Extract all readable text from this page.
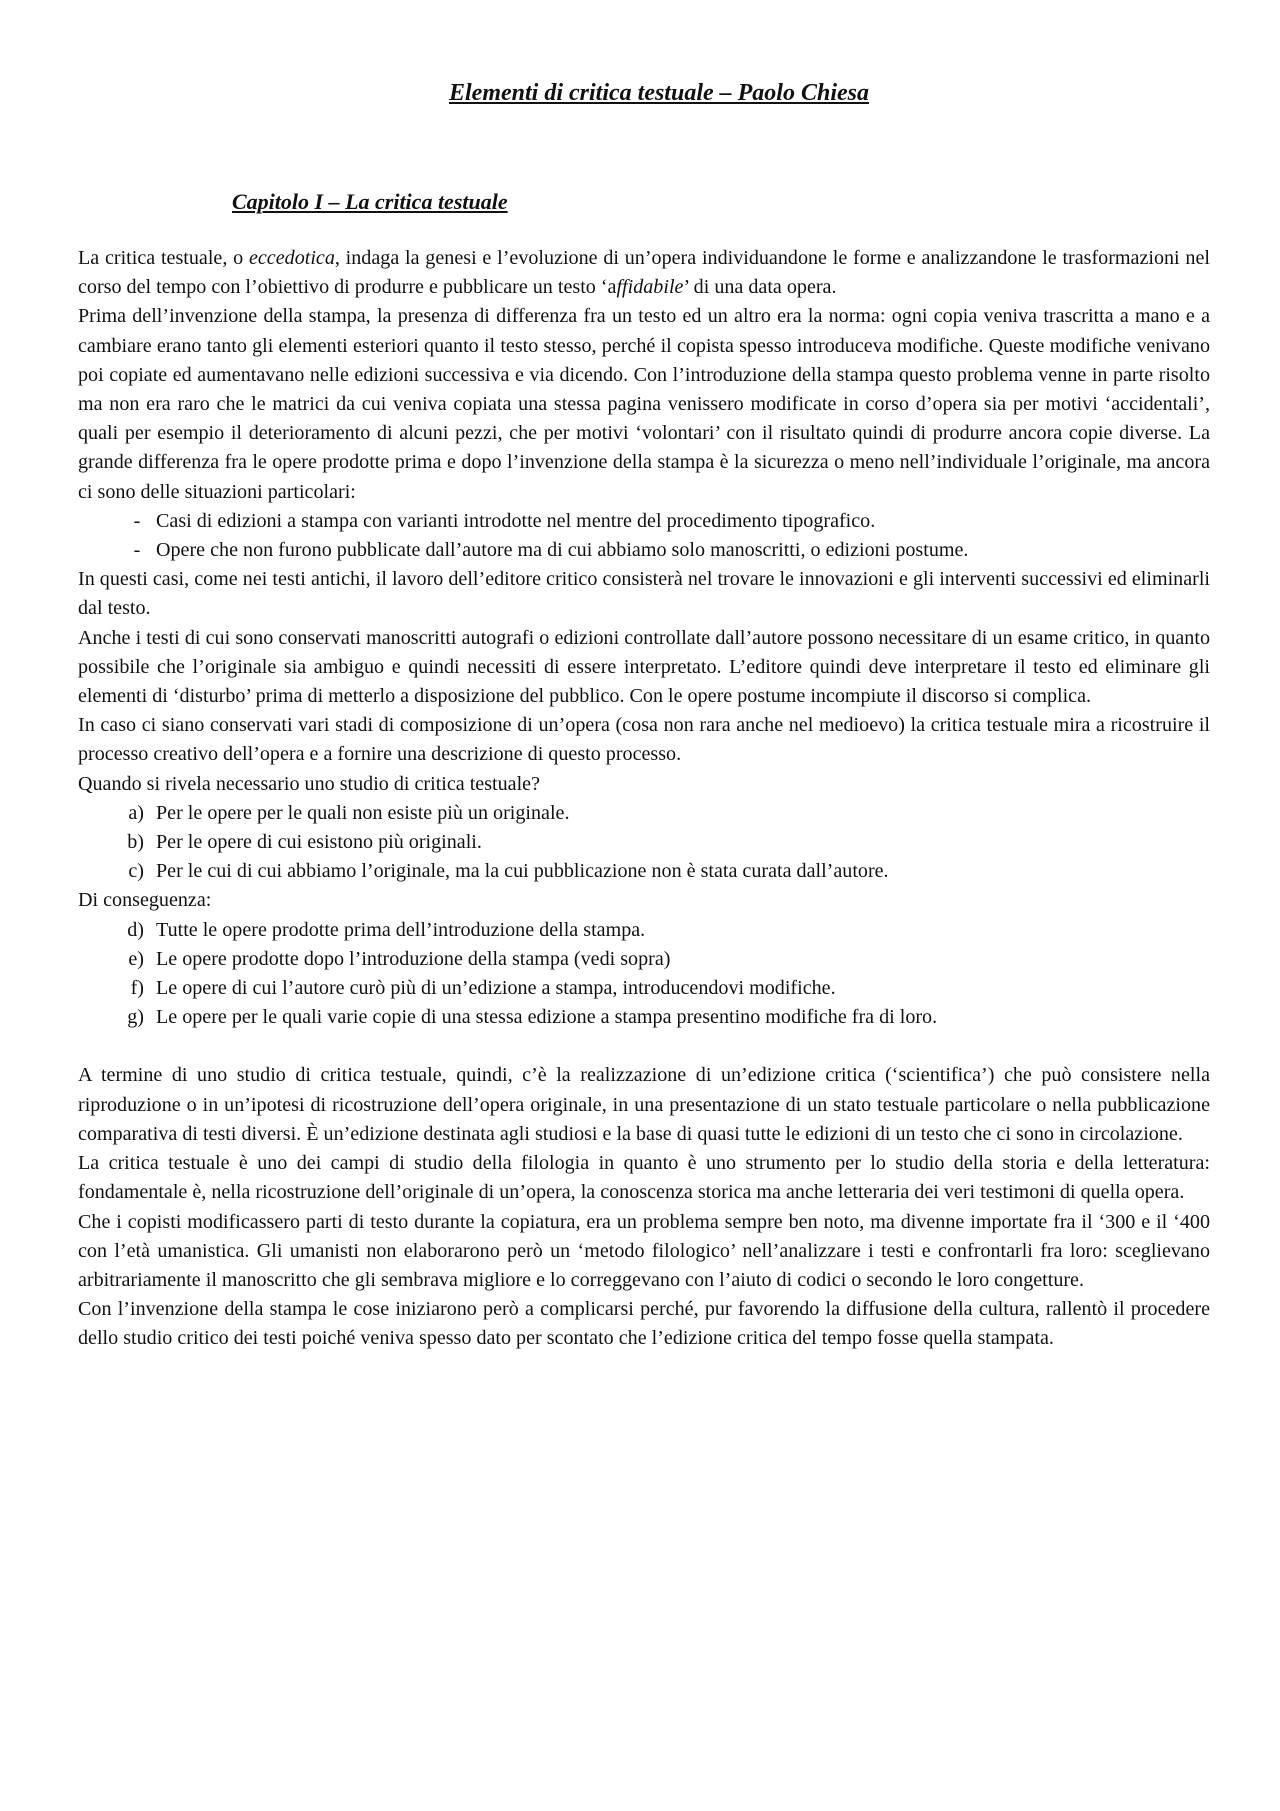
Elementi di critica testuale – Paolo Chiesa
Capitolo I – La critica testuale

La critica testuale, o eccedotica, indaga la genesi e l’evoluzione di un’opera individuandone le forme e analizzandone le trasformazioni nel corso del tempo con l’obiettivo di produrre e pubblicare un testo ‘affidabile’ di una data opera.

Prima dell’invenzione della stampa, la presenza di differenza fra un testo ed un altro era la norma: ogni copia veniva trascritta a mano e a cambiare erano tanto gli elementi esteriori quanto il testo stesso, perché il copista spesso introduceva modifiche. Queste modifiche venivano poi copiate ed aumentavano nelle edizioni successiva e via dicendo. Con l’introduzione della stampa questo problema venne in parte risolto ma non era raro che le matrici da cui veniva copiata una stessa pagina venissero modificate in corso d’opera sia per motivi ‘accidentali’, quali per esempio il deterioramento di alcuni pezzi, che per motivi ‘volontari’ con il risultato quindi di produrre ancora copie diverse. La grande differenza fra le opere prodotte prima e dopo l’invenzione della stampa è la sicurezza o meno nell’individuale l’originale, ma ancora ci sono delle situazioni particolari:

- Casi di edizioni a stampa con varianti introdotte nel mentre del procedimento tipografico.
- Opere che non furono pubblicate dall’autore ma di cui abbiamo solo manoscritti, o edizioni postume.

In questi casi, come nei testi antichi, il lavoro dell’editore critico consisterà nel trovare le innovazioni e gli interventi successivi ed eliminarli dal testo.

Anche i testi di cui sono conservati manoscritti autografi o edizioni controllate dall’autore possono necessitare di un esame critico, in quanto possibile che l’originale sia ambiguo e quindi necessiti di essere interpretato. L’editore quindi deve interpretare il testo ed eliminare gli elementi di ‘disturbo’ prima di metterlo a disposizione del pubblico. Con le opere postume incompiute il discorso si complica.

In caso ci siano conservati vari stadi di composizione di un’opera (cosa non rara anche nel medioevo) la critica testuale mira a ricostruire il processo creativo dell’opera e a fornire una descrizione di questo processo.

Quando si rivela necessario uno studio di critica testuale?

a) Per le opere per le quali non esiste più un originale.
b) Per le opere di cui esistono più originali.
c) Per le cui di cui abbiamo l’originale, ma la cui pubblicazione non è stata curata dall’autore.

Di conseguenza:

d) Tutte le opere prodotte prima dell’introduzione della stampa.
e) Le opere prodotte dopo l’introduzione della stampa (vedi sopra)
f) Le opere di cui l’autore curò più di un’edizione a stampa, introducendovi modifiche.
g) Le opere per le quali varie copie di una stessa edizione a stampa presentino modifiche fra di loro.

A termine di uno studio di critica testuale, quindi, c’è la realizzazione di un’edizione critica (‘scientifica’) che può consistere nella riproduzione o in un’ipotesi di ricostruzione dell’opera originale, in una presentazione di un stato testuale particolare o nella pubblicazione comparativa di testi diversi. È un’edizione destinata agli studiosi e la base di quasi tutte le edizioni di un testo che ci sono in circolazione.

La critica testuale è uno dei campi di studio della filologia in quanto è uno strumento per lo studio della storia e della letteratura: fondamentale è, nella ricostruzione dell’originale di un’opera, la conoscenza storica ma anche letteraria dei veri testimoni di quella opera.

Che i copisti modificassero parti di testo durante la copiatura, era un problema sempre ben noto, ma divenne importate fra il ‘300 e il ‘400 con l’età umanistica. Gli umanisti non elaborarono però un ‘metodo filologico’ nell’analizzare i testi e confrontarli fra loro: sceglievano arbitrariamente il manoscritto che gli sembrava migliore e lo correggevano con l’aiuto di codici o secondo le loro congetture.

Con l’invenzione della stampa le cose iniziarono però a complicarsi perché, pur favorendo la diffusione della cultura, rallentò il procedere dello studio critico dei testi poiché veniva spesso dato per scontato che l’edizione critica del tempo fosse quella stampata.
